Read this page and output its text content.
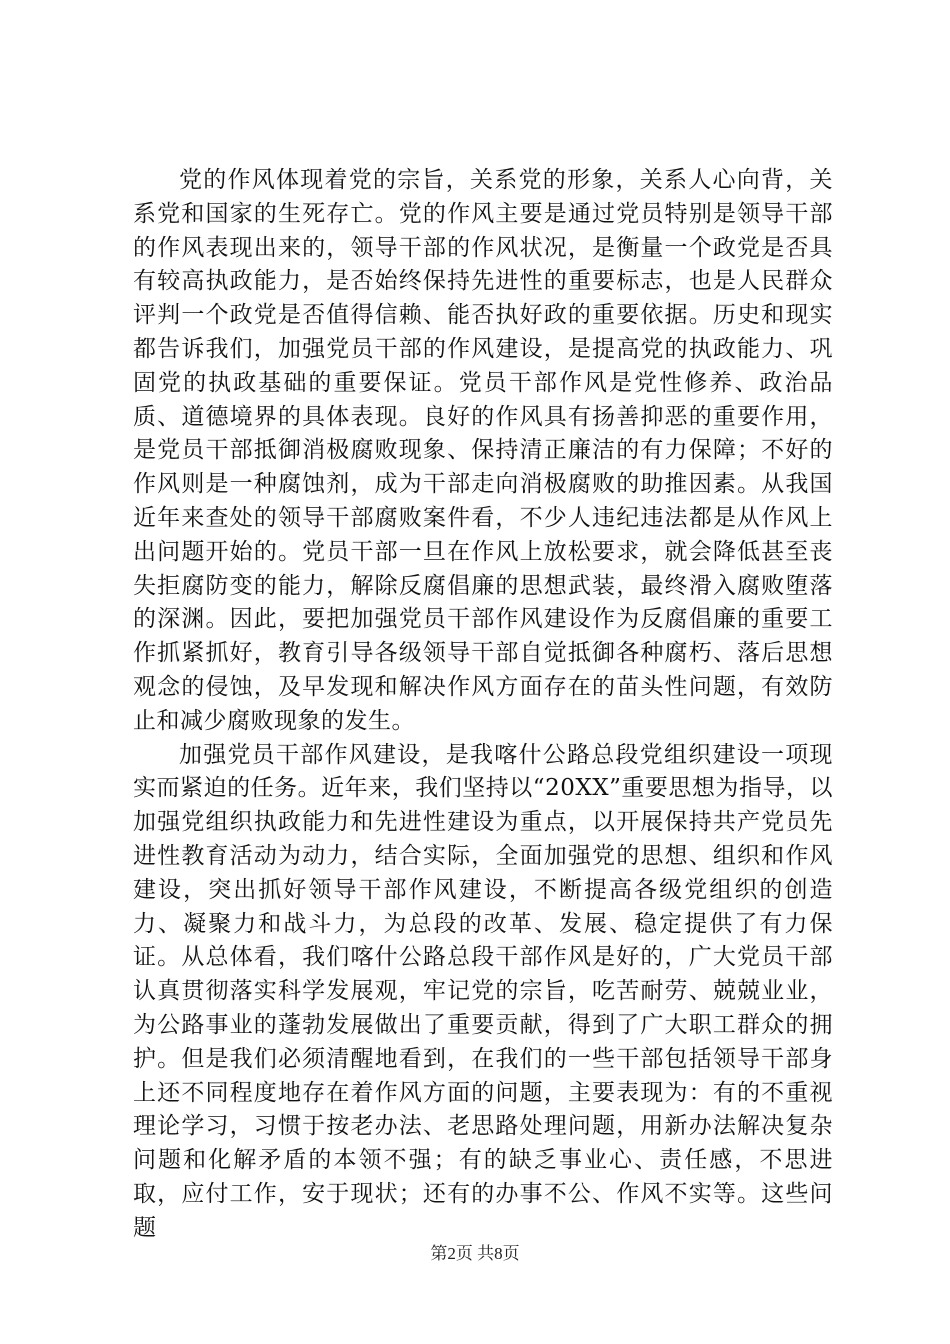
党的作风体现着党的宗旨，关系党的形象，关系人心向背，关系党和国家的生死存亡。党的作风主要是通过党员特别是领导干部的作风表现出来的，领导干部的作风状况，是衡量一个政党是否具有较高执政能力，是否始终保持先进性的重要标志，也是人民群众评判一个政党是否值得信赖、能否执好政的重要依据。历史和现实都告诉我们，加强党员干部的作风建设，是提高党的执政能力、巩固党的执政基础的重要保证。党员干部作风是党性修养、政治品质、道德境界的具体表现。良好的作风具有扬善抑恶的重要作用，是党员干部抵御消极腐败现象、保持清正廉洁的有力保障；不好的作风则是一种腐蚀剂，成为干部走向消极腐败的助推因素。从我国近年来查处的领导干部腐败案件看，不少人违纪违法都是从作风上出问题开始的。党员干部一旦在作风上放松要求，就会降低甚至丧失拒腐防变的能力，解除反腐倡廉的思想武装，最终滑入腐败堕落的深渊。因此，要把加强党员干部作风建设作为反腐倡廉的重要工作抓紧抓好，教育引导各级领导干部自觉抵御各种腐朽、落后思想观念的侵蚀，及早发现和解决作风方面存在的苗头性问题，有效防止和减少腐败现象的发生。

加强党员干部作风建设，是我喀什公路总段党组织建设一项现实而紧迫的任务。近年来，我们坚持以“20XX”重要思想为指导，以加强党组织执政能力和先进性建设为重点，以开展保持共产党员先进性教育活动为动力，结合实际，全面加强党的思想、组织和作风建设，突出抓好领导干部作风建设，不断提高各级党组织的创造力、凝聚力和战斗力，为总段的改革、发展、稳定提供了有力保证。从总体看，我们喀什公路总段干部作风是好的，广大党员干部认真贯彻落实科学发展观，牢记党的宗旨，吃苦耐劳、兢兢业业，为公路事业的蓬勃发展做出了重要贡献，得到了广大职工群众的拥护。但是我们必须清醒地看到，在我们的一些干部包括领导干部身上还不同程度地存在着作风方面的问题，主要表现为：有的不重视理论学习，习惯于按老办法、老思路处理问题，用新办法解决复杂问题和化解矛盾的本领不强；有的缺乏事业心、责任感，不思进取，应付工作，安于现状；还有的办事不公、作风不实等。这些问题

第2页 共8页
